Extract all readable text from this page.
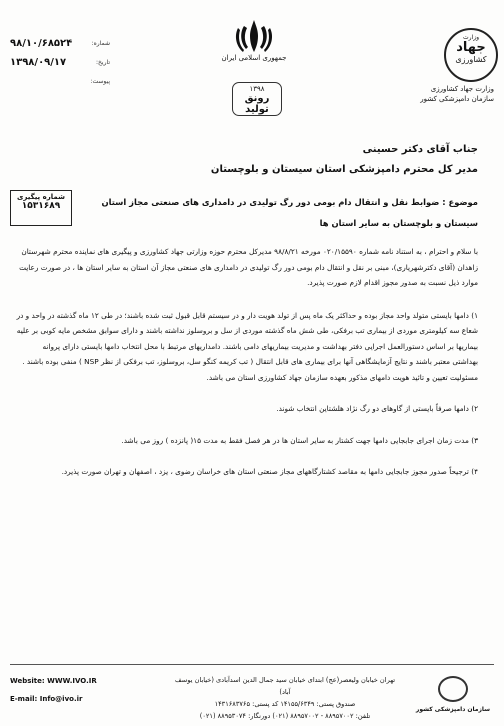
شماره:
۹۸/۱۰/۶۸۵۲۴
تاریخ:
۱۳۹۸/۰۹/۱۷
پیوست:
جمهوری اسلامی ایران
۱۳۹۸
رونق تولید
وزارت
جهاد
کشاورزی
وزارت جهاد کشاورزی
سازمان دامپزشکی کشور
جناب آقای دکتر حسینی
مدیر کل محترم دامپزشکی استان سیستان و بلوچستان
شماره پیگیری
۱۵۳۱۶۸۹	موضوع : ضوابط نقل و انتقال دام بومی دور رگ تولیدی در دامداری های صنعتی مجاز استان سیستان و بلوچستان به سایر استان ها

با سلام و احترام ، به استناد نامه شماره ۰۲۰/۱۵۵۹۰ مورخه ۹۸/۸/۲۱ مدیرکل محترم حوزه وزارتی جهاد کشاورزی و پیگیری های نماینده محترم شهرستان زاهدان (آقای دکترشهریاری)، مبنی بر نقل و انتقال دام بومی دور رگ تولیدی در دامداری های صنعتی مجاز آن استان به سایر استان ها ، در صورت رعایت موارد ذیل نسبت به صدور مجوز اقدام لازم صورت پذیرد.

۱) دامها بایستی متولد واحد مجاز بوده و حداکثر یک ماه پس از تولد هویت دار و در سیستم قابل قبول ثبت شده باشند؛ در طی ۱۲ ماه گذشته در واحد و در شعاع سه کیلومتری موردی از بیماری تب برفکی، طی شش ماه گذشته موردی از سل و بروسلوز نداشته باشند و دارای سوابق مشخص مایه کوبی بر علیه بیماریها بر اساس دستورالعمل اجرایی دفتر بهداشت و مدیریت بیماریهای دامی باشند. دامداریهای مرتبط با محل انتخاب دامها بایستی دارای پروانه بهداشتی معتبر باشند و نتایج آزمایشگاهی آنها برای بیماری های قابل انتقال ( تب کریمه کنگو سل، بروسلوز، تب برفکی از نظر NSP ) منفی بوده باشند . مسئولیت تعیین و تائید هویت دامهای مذکور بعهده سازمان جهاد کشاورزی استان می باشد.

۲) دامها صرفاً بایستی از گاوهای دو رگ نژاد هلشتاین انتخاب شوند.

۳) مدت زمان اجرای جابجایی دامها جهت کشتار به سایر استان ها در هر فصل فقط به مدت ۱۵( پانزده ) روز می باشد.

۴) ترجیحاً صدور مجوز جابجایی دامها به مقاصد کشتارگاههای مجاز صنعتی استان های خراسان رضوی ، یزد ، اصفهان و تهران صورت پذیرد.

Website: WWW.IVO.IR
E-mail: Info@ivo.ir
تهران خیابان ولیعصر(عج) ابتدای خیابان سید جمال الدین اسدآبادی (خیابان یوسف آباد)
صندوق پستی: ۱۴۱۵۵/۶۳۴۹ کد پستی: ۱۴۳۱۶۸۳۷۶۵
تلفن: ۸۸۹۵۷۰۰۲ - ۸۸۹۵۷۰۰۲ (۰۲۱) دورنگار: ۸۸۹۵۳۰۷۴ (۰۲۱)
سازمان دامپزشکی کشور
